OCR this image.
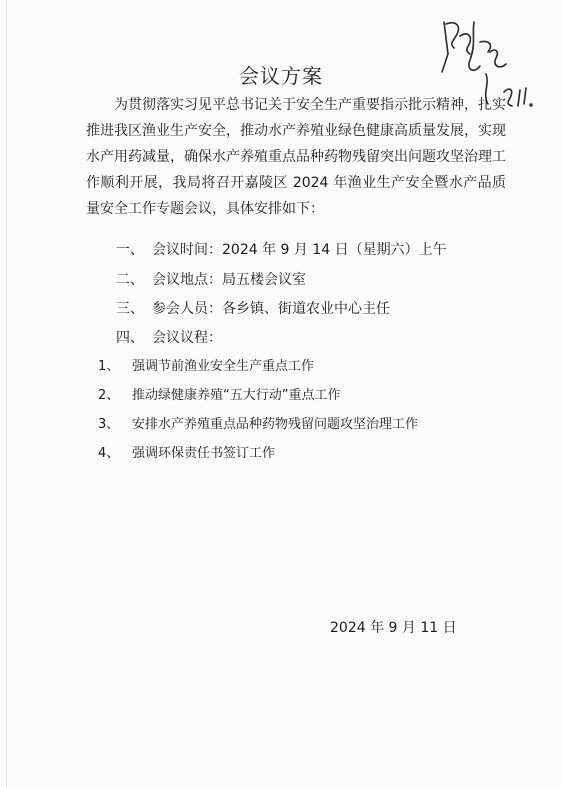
会议方案
为贯彻落实习见平总书记关于安全生产重要指示批示精神，扎实推进我区渔业生产安全，推动水产养殖业绿色健康高质量发展，实现水产用药减量，确保水产养殖重点品种药物残留突出问题攻坚治理工作顺利开展，我局将召开嘉陵区 2024 年渔业生产安全暨水产品质量安全工作专题会议，具体安排如下：
一、 会议时间：2024 年 9 月 14 日（星期六）上午
二、 会议地点：局五楼会议室
三、 参会人员：各乡镇、街道农业中心主任
四、 会议议程：
1、 强调节前渔业安全生产重点工作
2、 推动绿健康养殖“五大行动”重点工作
3、 安排水产养殖重点品种药物残留问题攻坚治理工作
4、 强调环保责任书签订工作
2024 年 9 月 11 日
